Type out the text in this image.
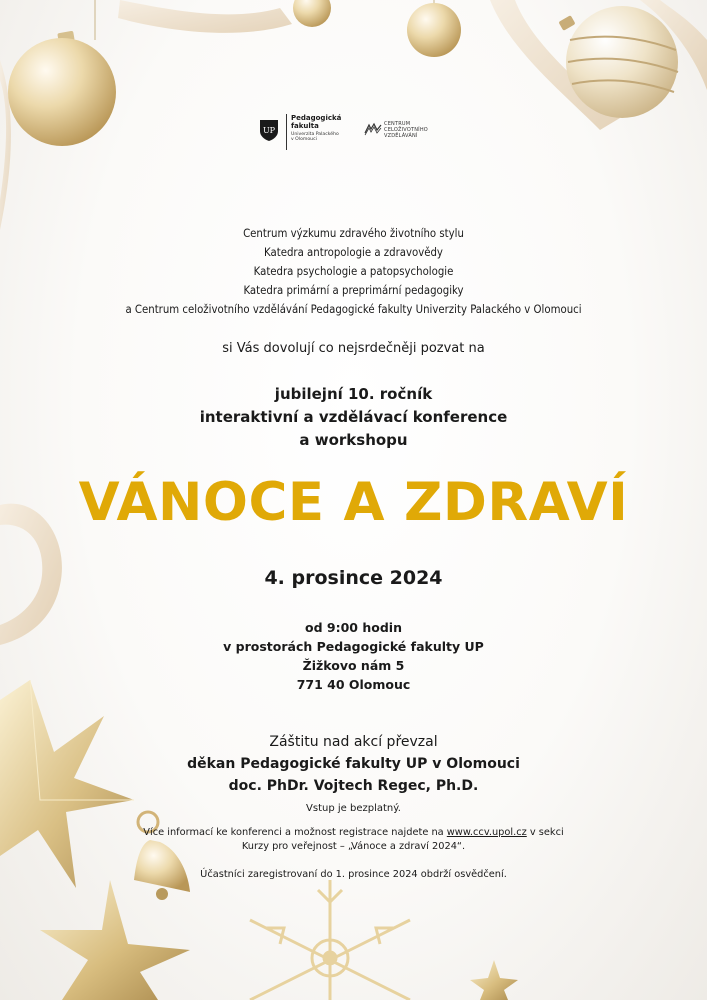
UP
Pedagogická
fakulta
Univerzita Palackého
v Olomouci
CENTRUM
CELOŽIVOTNÍHO
VZDĚLÁVÁNÍ
Centrum výzkumu zdravého životního stylu
Katedra antropologie a zdravovědy
Katedra psychologie a patopsychologie
Katedra primární a preprimární pedagogiky
a Centrum celoživotního vzdělávání Pedagogické fakulty Univerzity Palackého v Olomouci
si Vás dovolují co nejsrdečněji pozvat na
jubilejní 10. ročník
interaktivní a vzdělávací konference
a workshopu
VÁNOCE A ZDRAVÍ
4. prosince 2024
od 9:00 hodin
v prostorách Pedagogické fakulty UP
Žižkovo nám 5
771 40 Olomouc
Záštitu nad akcí převzal
děkan Pedagogické fakulty UP v Olomouci
doc. PhDr. Vojtech Regec, Ph.D.
Vstup je bezplatný.
Více informací ke konferenci a možnost registrace najdete na www.ccv.upol.cz v sekci
Kurzy pro veřejnost – „Vánoce a zdraví 2024“.
Účastníci zaregistrovaní do 1. prosince 2024 obdrží osvědčení.
